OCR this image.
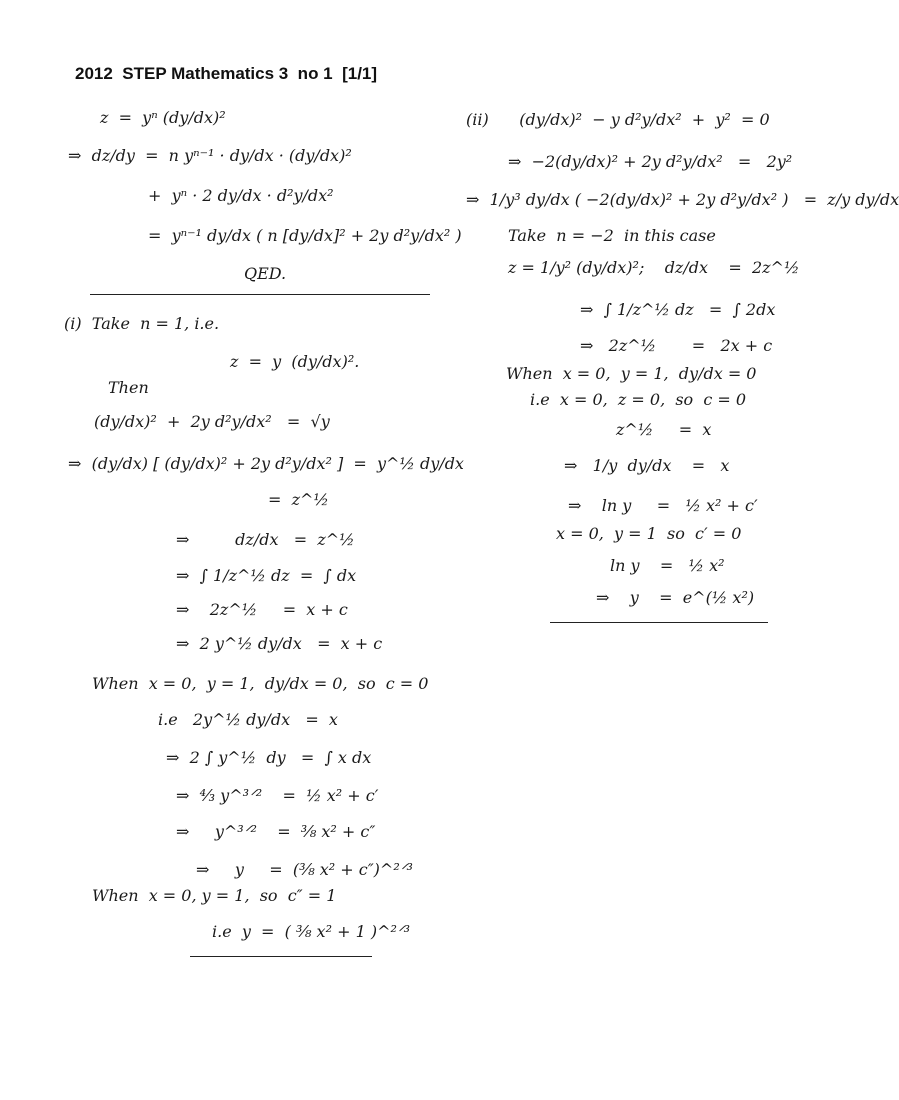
2012  STEP Mathematics 3  no 1  [1/1]
z  =  yⁿ (dy/dx)²
⇒  dz/dy  =  n yⁿ⁻¹ · dy/dx · (dy/dx)²
+  yⁿ · 2 dy/dx · d²y/dx²
=  yⁿ⁻¹ dy/dx ( n [dy/dx]² + 2y d²y/dx² )
QED.
(i)  Take  n = 1, i.e.
z  =  y  (dy/dx)².
Then
(dy/dx)²  +  2y d²y/dx²   =  √y
⇒  (dy/dx) [ (dy/dx)² + 2y d²y/dx² ]  =  y^½ dy/dx
=  z^½
⇒         dz/dx   =  z^½
⇒  ∫ 1/z^½ dz  =  ∫ dx
⇒    2z^½     =  x + c
⇒  2 y^½ dy/dx   =  x + c
When  x = 0,  y = 1,  dy/dx = 0,  so  c = 0
i.e   2y^½ dy/dx   =  x
⇒  2 ∫ y^½  dy   =  ∫ x dx
⇒  ⁴⁄₃ y^³ᐟ²    =  ½ x² + c′
⇒     y^³ᐟ²    =  ³⁄₈ x² + c″
⇒     y     =  (³⁄₈ x² + c″)^²ᐟ³
When  x = 0, y = 1,  so  c″ = 1
i.e  y  =  ( ³⁄₈ x² + 1 )^²ᐟ³
(ii)      (dy/dx)²  − y d²y/dx²  +  y²  = 0
⇒  −2(dy/dx)² + 2y d²y/dx²   =   2y²
⇒  1/y³ dy/dx ( −2(dy/dx)² + 2y d²y/dx² )   =  z/y dy/dx
Take  n = −2  in this case
z = 1/y² (dy/dx)²;    dz/dx    =  2z^½
⇒  ∫ 1/z^½ dz   =  ∫ 2dx
⇒   2z^½       =   2x + c
When  x = 0,  y = 1,  dy/dx = 0
i.e  x = 0,  z = 0,  so  c = 0
z^½     =  x
⇒   1/y  dy/dx    =   x
⇒    ln y     =   ½ x² + c′
x = 0,  y = 1  so  c′ = 0
ln y    =   ½ x²
⇒    y    =  e^(½ x²)
